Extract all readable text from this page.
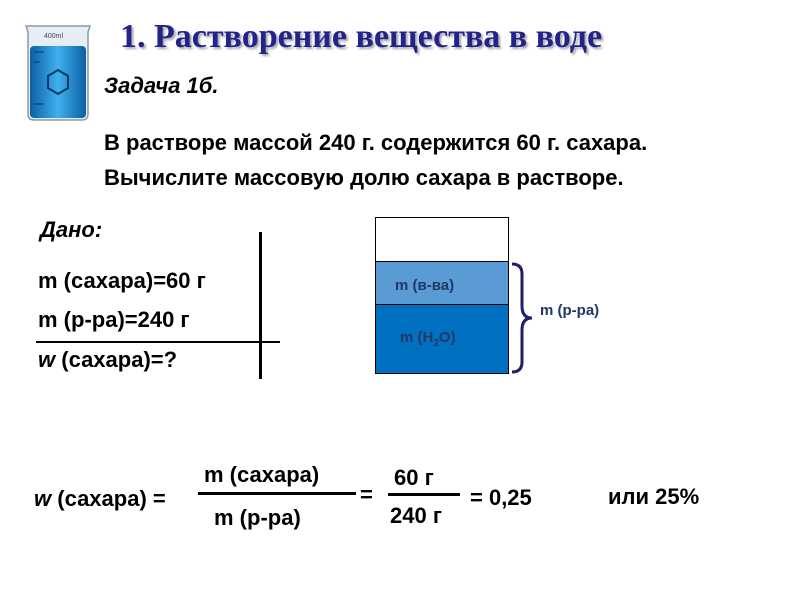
400ml 1. Растворение вещества в воде
Задача 1б.
В растворе массой 240 г. содержится 60 г. сахара.
Вычислите массовую долю сахара в растворе.
Дано:
m (сахара)=60 г
m (р-ра)=240 г
w (сахара)=?
m (в-ва)
m $(H_2O)$
m (р-ра)
w (сахара) =
m (сахара)
m (р-ра)
=
60 г
240 г
= 0,25	или 25%
